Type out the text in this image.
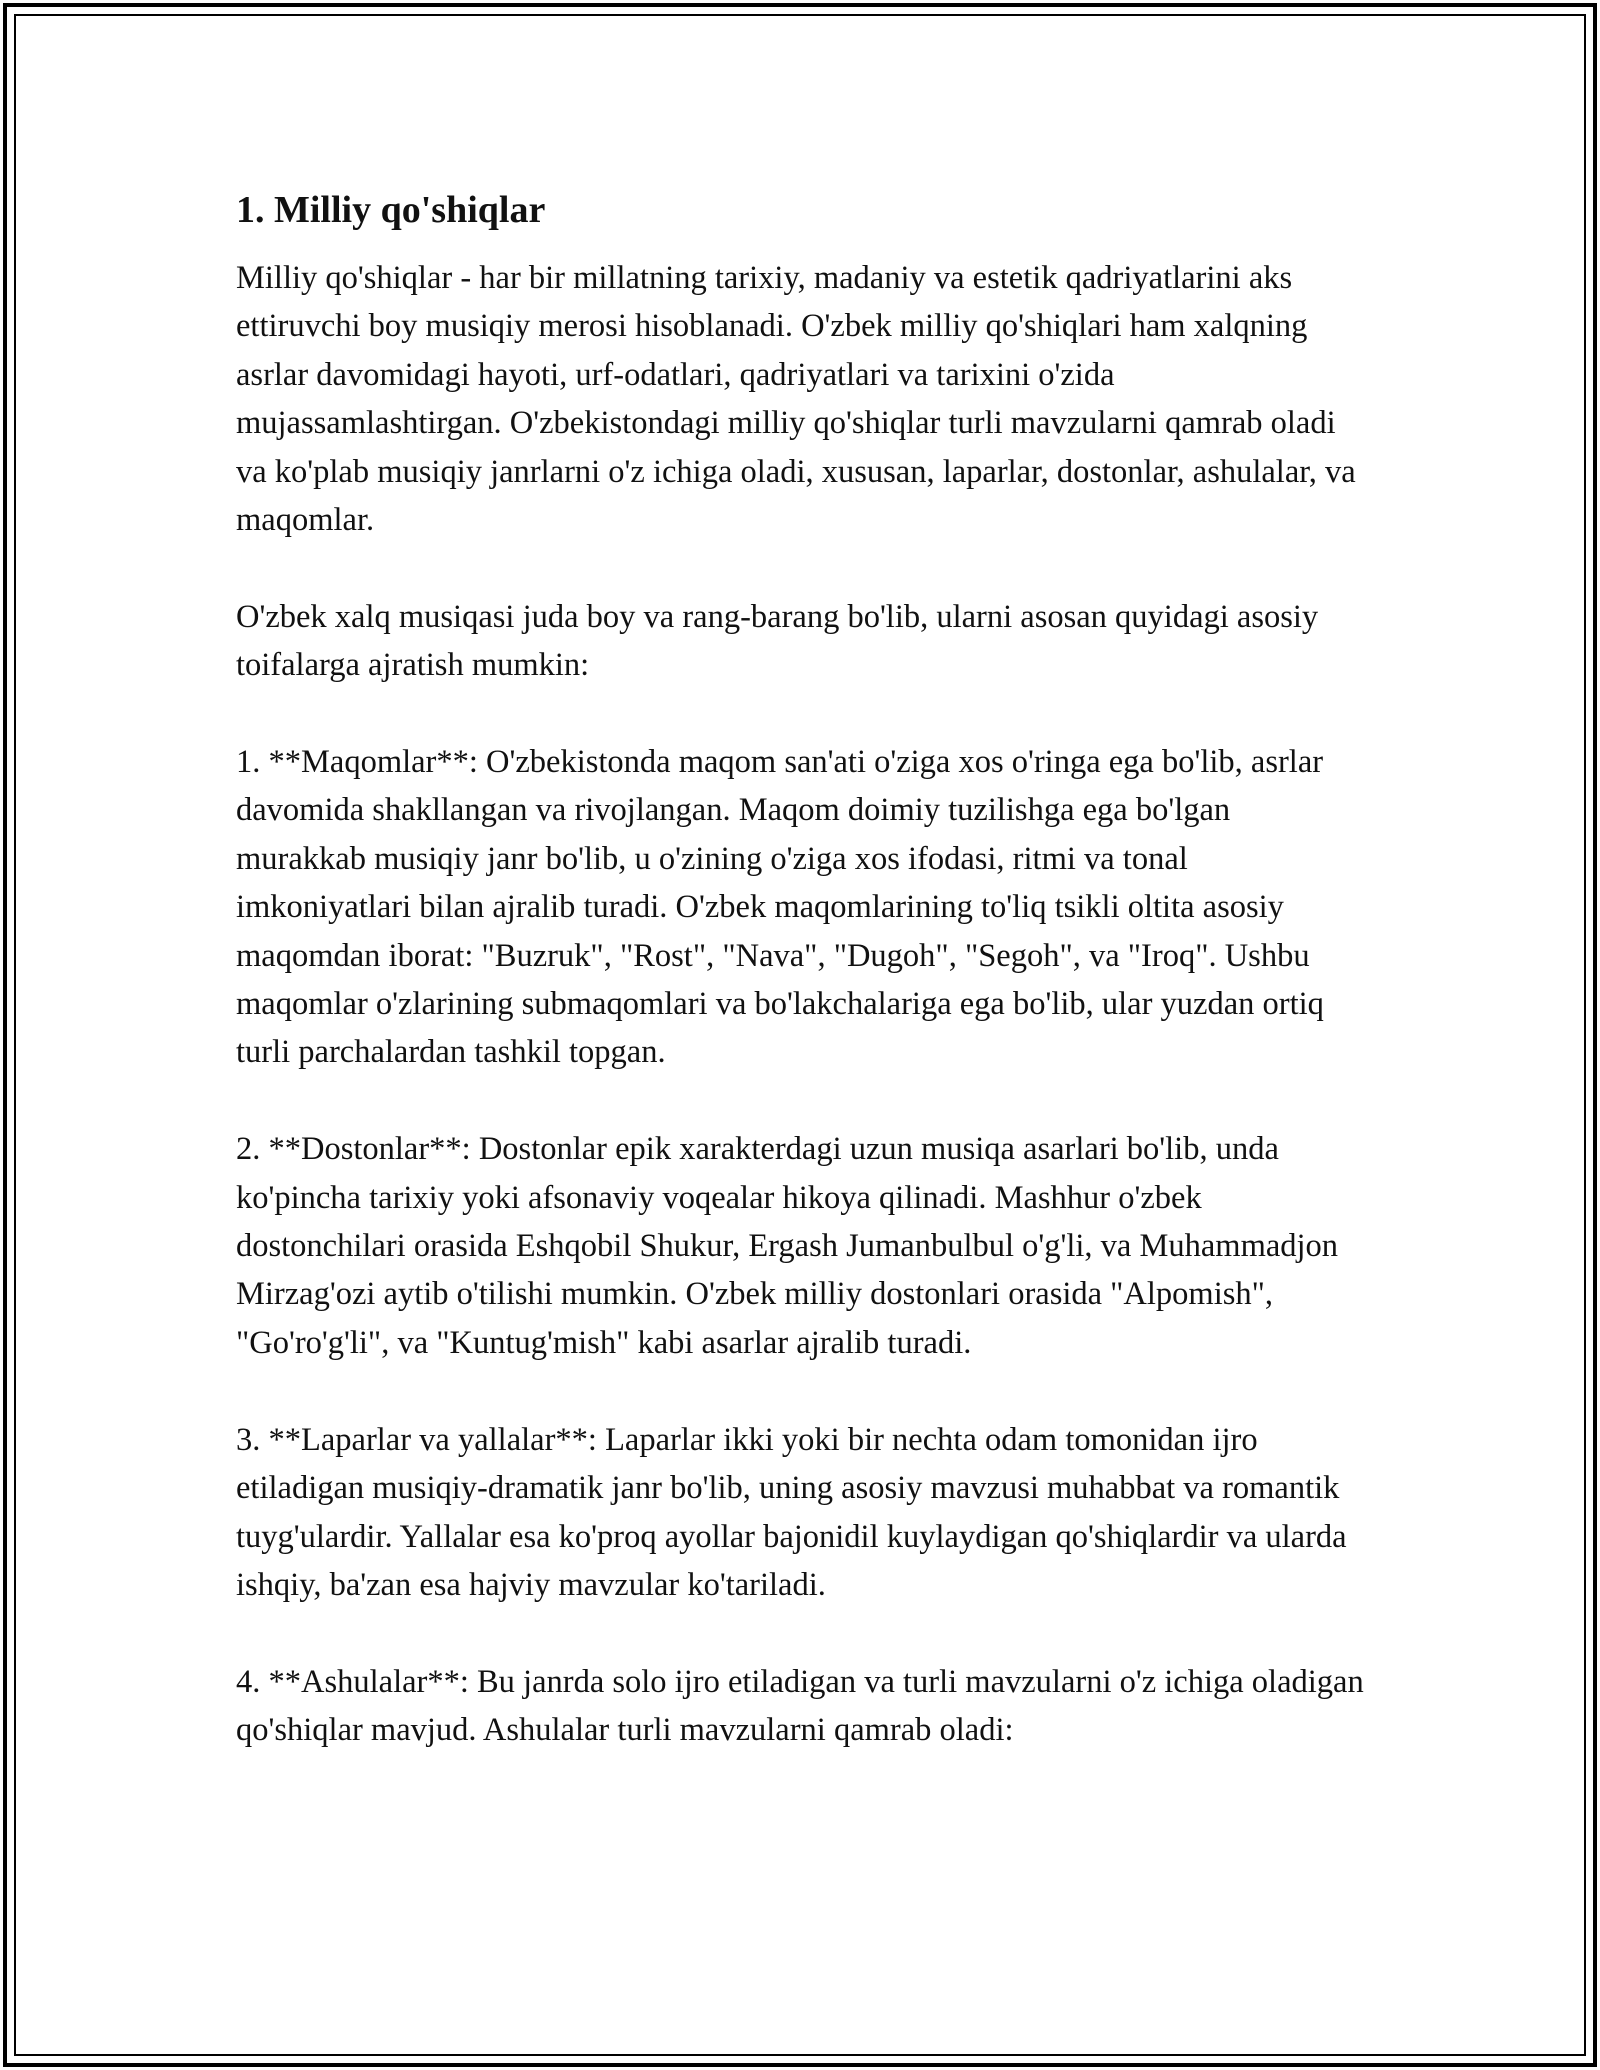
1. Milliy qo'shiqlar

Milliy qo'shiqlar - har bir millatning tarixiy, madaniy va estetik qadriyatlarini aks ettiruvchi boy musiqiy merosi hisoblanadi. O'zbek milliy qo'shiqlari ham xalqning asrlar davomidagi hayoti, urf-odatlari, qadriyatlari va tarixini o'zida mujassamlashtirgan. O'zbekistondagi milliy qo'shiqlar turli mavzularni qamrab oladi va ko'plab musiqiy janrlarni o'z ichiga oladi, xususan, laparlar, dostonlar, ashulalar, va maqomlar.

O'zbek xalq musiqasi juda boy va rang-barang bo'lib, ularni asosan quyidagi asosiy toifalarga ajratish mumkin:

1. **Maqomlar**: O'zbekistonda maqom san'ati o'ziga xos o'ringa ega bo'lib, asrlar davomida shakllangan va rivojlangan. Maqom doimiy tuzilishga ega bo'lgan murakkab musiqiy janr bo'lib, u o'zining o'ziga xos ifodasi, ritmi va tonal imkoniyatlari bilan ajralib turadi. O'zbek maqomlarining to'liq tsikli oltita asosiy maqomdan iborat: "Buzruk", "Rost", "Nava", "Dugoh", "Segoh", va "Iroq". Ushbu maqomlar o'zlarining submaqomlari va bo'lakchalariga ega bo'lib, ular yuzdan ortiq turli parchalardan tashkil topgan.

2. **Dostonlar**: Dostonlar epik xarakterdagi uzun musiqa asarlari bo'lib, unda ko'pincha tarixiy yoki afsonaviy voqealar hikoya qilinadi. Mashhur o'zbek dostonchilari orasida Eshqobil Shukur, Ergash Jumanbulbul o'g'li, va Muhammadjon Mirzag'ozi aytib o'tilishi mumkin. O'zbek milliy dostonlari orasida "Alpomish", "Go'ro'g'li", va "Kuntug'mish" kabi asarlar ajralib turadi.

3. **Laparlar va yallalar**: Laparlar ikki yoki bir nechta odam tomonidan ijro etiladigan musiqiy-dramatik janr bo'lib, uning asosiy mavzusi muhabbat va romantik tuyg'ulardir. Yallalar esa ko'proq ayollar bajonidil kuylaydigan qo'shiqlardir va ularda ishqiy, ba'zan esa hajviy mavzular ko'tariladi.

4. **Ashulalar**: Bu janrda solo ijro etiladigan va turli mavzularni o'z ichiga oladigan qo'shiqlar mavjud. Ashulalar turli mavzularni qamrab oladi:
